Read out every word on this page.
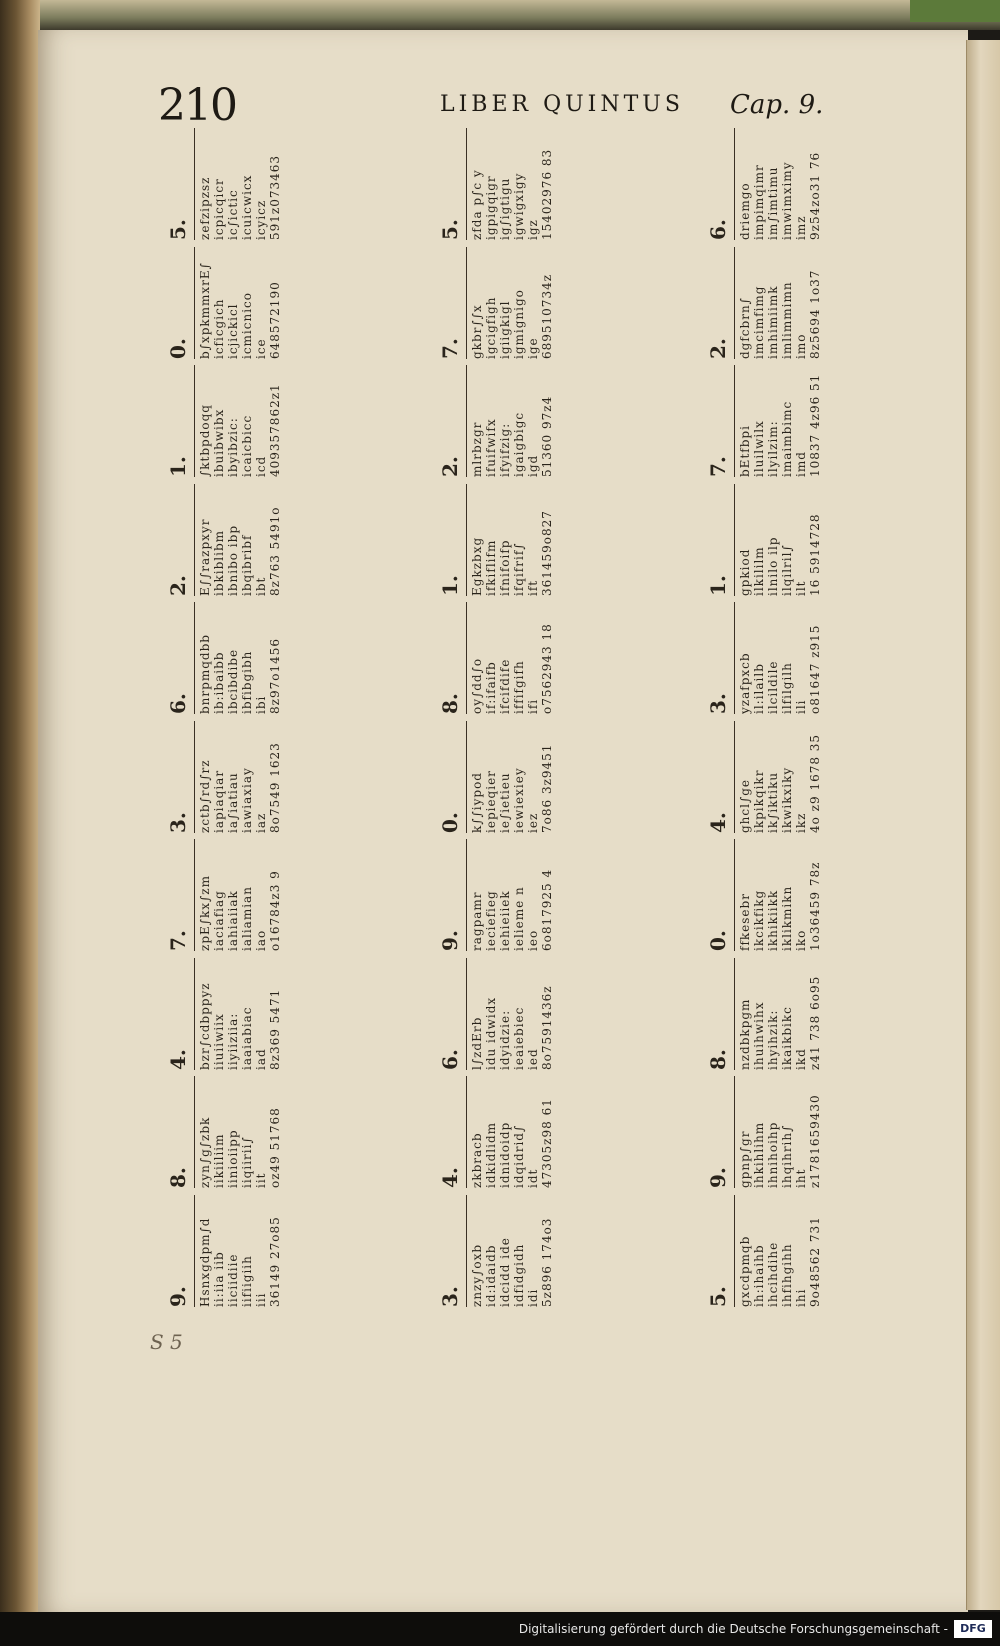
210	LIBER QUINTUS Cap. 9.
5. zefzipzsz icpicqicr ic∫ictic icuicwicx icyicz 591z073463
0. b∫xpkmmxrE∫ icficgich icjickicl icmicnico ice 648572190
1. ∫ktbpdoqq ibuibwibx ibyibzic: icaicbicc icd 409357862z1
2. E∫∫razpxyr ibkiblibm ibnibo ibp ibqibribf ibt 8z763 5491o
6. bnrpmqdbb ib:ibaibb ibcibdibe ibfibgibh ibi 8z97o1456
3. zctb∫rd∫rz iapiaqiar ia∫iatiau iawiaxiay iaz 8o7549 1623
7. zpE∫kx∫zm iaciafiag iahiaiiak ialiamian iao o16784z3 9
4. bzr∫cdbppyz iiuiiwiix iiyiiziia: iaaiabiac iad 8z369 5471
8. zyn∫g∫zbk iikiiliim iinioiipp iiqiirii∫ iit oz49 51768
9. Hsnxgdpm∫d ii:iia iib iiciidiie iifiigiih iii 36149 27o85
5. zfda p∫c y igpigqigr ig∫igtigu igwigxigy igz 15402976 83
7. gkbr∫∫x igcigfigh igiigkigl igmignigo ige 689510734z
2. mlrbzgr ifuifwifx ifyifzig: igaigbigc igd 51360 97z4
1. Egkzbxg ifkiflifm ifnifoifp ifqifrif∫ ift 361459o827
8. oy∫dd∫o if:ifaifb ifcifdife iffifgifh ifi o7562943 18
0. k∫∫iypod iepieqier ie∫ietieu iewiexiey iez 7o86 3z9451
9. ragpamr ieciefieg iehieiiek ielieme n ieo 6o817925 4
6. l∫zdErb idu idwidx idyidzie: ieaiebiec ied 8o7591436z
4. zkbracb idkidlidm idnidoidp idqidrid∫ idt 47305z98 61
3. znzy∫oxb id:idaidb idcidd ide idfidgidh idi 5z896 174o3
6. driemgo impimqimr im∫imtimu imwimximy imz 9z54zo31 76
2. dgfcbrn∫ imcimfimg imhimiimk imlimmimn imo 8z5694 1o37
7. bEtfbpi iluilwilx ilyilzim: imaimbimc imd 10837 4z96 51
1. gpkiod ilkililm ilnilo ilp ilqilril∫ ilt 16 5914728
3. yzafpxcb il:ilailb ilcildile ilfilgilh ili o81647 z915
4. ghcl∫ge ikpikqikr ik∫iktiku ikwikxiky ikz 4o z9 1678 35
0. ffkesebr ikcikfikg ikhikiikk iklikmikn iko 1o36459 78z
8. nzdbkpgm ihuihwihx ihyihzik: ikaikbikc ikd z41 738 6o95
9. gpnp∫gr ihkihlihm ihnihoihp ihqihrih∫ iht z1781659430
5. gxcdpmqb ih:ihaihb ihcihdihe ihfihgihh ihi 9o48562 731
S 5
Digitalisierung gefördert durch die Deutsche Forschungsgemeinschaft -	DFG
